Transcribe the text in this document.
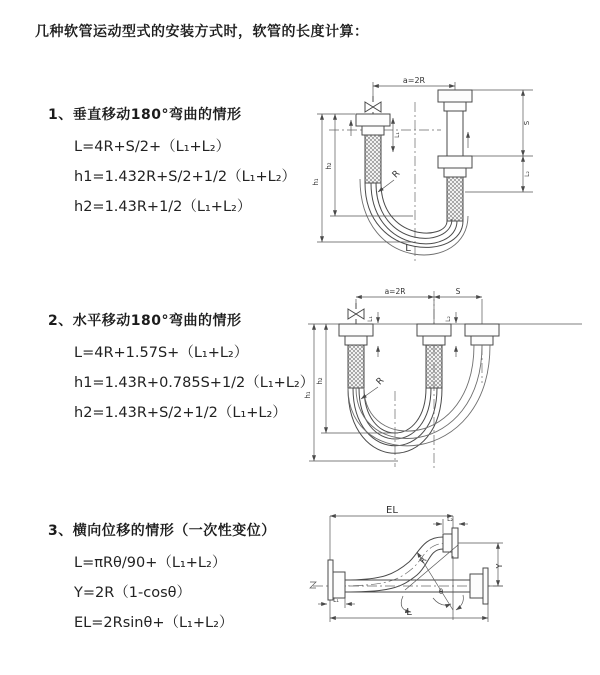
几种软管运动型式的安装方式时，软管的长度计算：
1、垂直移动180°弯曲的情形
L=4R+S/2+（L₁+L₂）
h1=1.432R+S/2+1/2（L₁+L₂）
h2=1.43R+1/2（L₁+L₂）
2、水平移动180°弯曲的情形
L=4R+1.57S+（L₁+L₂）
h1=1.43R+0.785S+1/2（L₁+L₂）
h2=1.43R+S/2+1/2（L₁+L₂）
3、横向位移的情形（一次性变位）
L=πRθ/90+（L₁+L₂）
Y=2R（1-cosθ）
EL=2Rsinθ+（L₁+L₂）
a=2R
h₁
h₂
L₁
S
L₂
R
L
a=2R	S
h₁
h₂
L₁	L₂
R
EL
L₂
θ
R
Y
L₁
L
